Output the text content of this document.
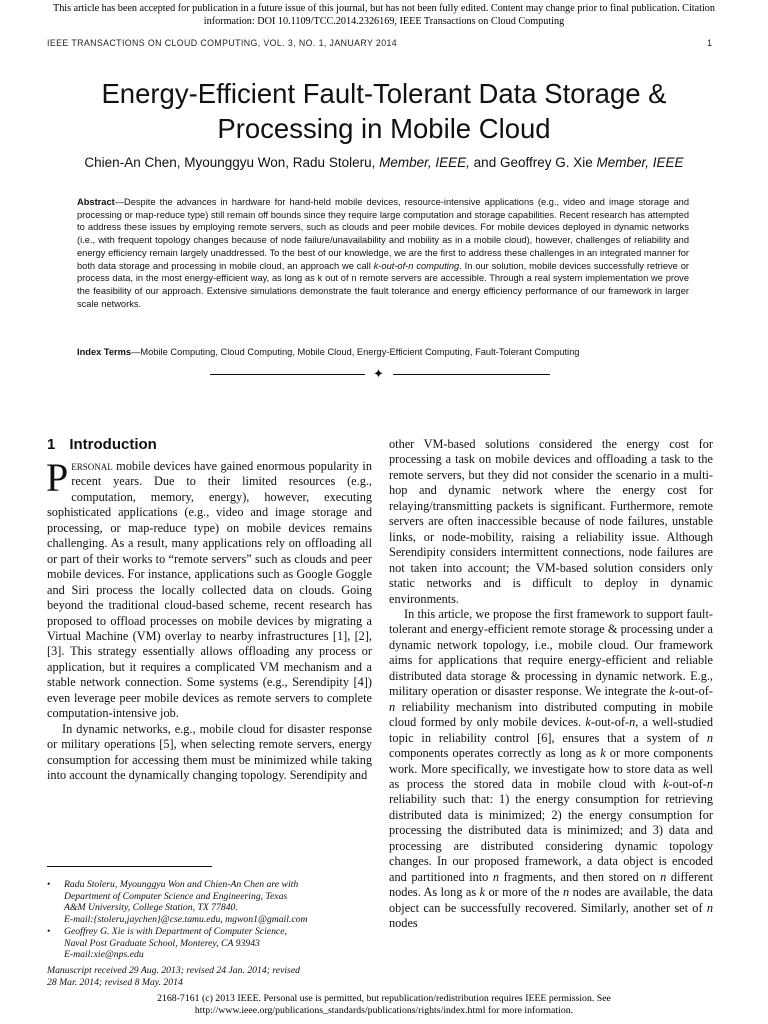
This article has been accepted for publication in a future issue of this journal, but has not been fully edited. Content may change prior to final publication. Citation
information: DOI 10.1109/TCC.2014.2326169, IEEE Transactions on Cloud Computing
IEEE TRANSACTIONS ON CLOUD COMPUTING, VOL. 3, NO. 1, JANUARY 2014	1
Energy-Efficient Fault-Tolerant Data Storage &
Processing in Mobile Cloud
Chien-An Chen, Myounggyu Won, Radu Stoleru, Member, IEEE, and Geoffrey G. Xie Member, IEEE
Abstract—Despite the advances in hardware for hand-held mobile devices, resource-intensive applications (e.g., video and image storage and processing or map-reduce type) still remain off bounds since they require large computation and storage capabilities. Recent research has attempted to address these issues by employing remote servers, such as clouds and peer mobile devices. For mobile devices deployed in dynamic networks (i.e., with frequent topology changes because of node failure/unavailability and mobility as in a mobile cloud), however, challenges of reliability and energy efficiency remain largely unaddressed. To the best of our knowledge, we are the first to address these challenges in an integrated manner for both data storage and processing in mobile cloud, an approach we call k-out-of-n computing. In our solution, mobile devices successfully retrieve or process data, in the most energy-efficient way, as long as k out of n remote servers are accessible. Through a real system implementation we prove the feasibility of our approach. Extensive simulations demonstrate the fault tolerance and energy efficiency performance of our framework in larger scale networks.
Index Terms—Mobile Computing, Cloud Computing, Mobile Cloud, Energy-Efficient Computing, Fault-Tolerant Computing
✦
1 Introduction

Personal mobile devices have gained enormous popularity in recent years. Due to their limited resources (e.g., computation, memory, energy), however, executing sophisticated applications (e.g., video and image storage and processing, or map-reduce type) on mobile devices remains challenging. As a result, many applications rely on offloading all or part of their works to “remote servers” such as clouds and peer mobile devices. For instance, applications such as Google Goggle and Siri process the locally collected data on clouds. Going beyond the traditional cloud-based scheme, recent research has proposed to offload processes on mobile devices by migrating a Virtual Machine (VM) overlay to nearby infrastructures [1], [2], [3]. This strategy essentially allows offloading any process or application, but it requires a complicated VM mechanism and a stable network connection. Some systems (e.g., Serendipity [4]) even leverage peer mobile devices as remote servers to complete computation-intensive job.

In dynamic networks, e.g., mobile cloud for disaster response or military operations [5], when selecting remote servers, energy consumption for accessing them must be minimized while taking into account the dynamically changing topology. Serendipity and

• Radu Stoleru, Myounggyu Won and Chien-An Chen are with
Department of Computer Science and Engineering, Texas
A&M University, College Station, TX 77840.
E-mail:{stoleru,jaychen}@cse.tamu.edu, mgwon1@gmail.com
• Geoffrey G. Xie is with Department of Computer Science,
Naval Post Graduate School, Monterey, CA 93943
E-mail:xie@nps.edu
Manuscript received 29 Aug. 2013; revised 24 Jan. 2014; revised
28 Mar. 2014; revised 8 May. 2014

other VM-based solutions considered the energy cost for processing a task on mobile devices and offloading a task to the remote servers, but they did not consider the scenario in a multi-hop and dynamic network where the energy cost for relaying/transmitting packets is significant. Furthermore, remote servers are often inaccessible because of node failures, unstable links, or node-mobility, raising a reliability issue. Although Serendipity considers intermittent connections, node failures are not taken into account; the VM-based solution considers only static networks and is difficult to deploy in dynamic environments.

In this article, we propose the first framework to support fault-tolerant and energy-efficient remote storage & processing under a dynamic network topology, i.e., mobile cloud. Our framework aims for applications that require energy-efficient and reliable distributed data storage & processing in dynamic network. E.g., military operation or disaster response. We integrate the k-out-of-n reliability mechanism into distributed computing in mobile cloud formed by only mobile devices. k-out-of-n, a well-studied topic in reliability control [6], ensures that a system of n components operates correctly as long as k or more components work. More specifically, we investigate how to store data as well as process the stored data in mobile cloud with k-out-of-n reliability such that: 1) the energy consumption for retrieving distributed data is minimized; 2) the energy consumption for processing the distributed data is minimized; and 3) data and processing are distributed considering dynamic topology changes. In our proposed framework, a data object is encoded and partitioned into n fragments, and then stored on n different nodes. As long as k or more of the n nodes are available, the data object can be successfully recovered. Similarly, another set of n nodes

2168-7161 (c) 2013 IEEE. Personal use is permitted, but republication/redistribution requires IEEE permission. See
http://www.ieee.org/publications_standards/publications/rights/index.html for more information.
